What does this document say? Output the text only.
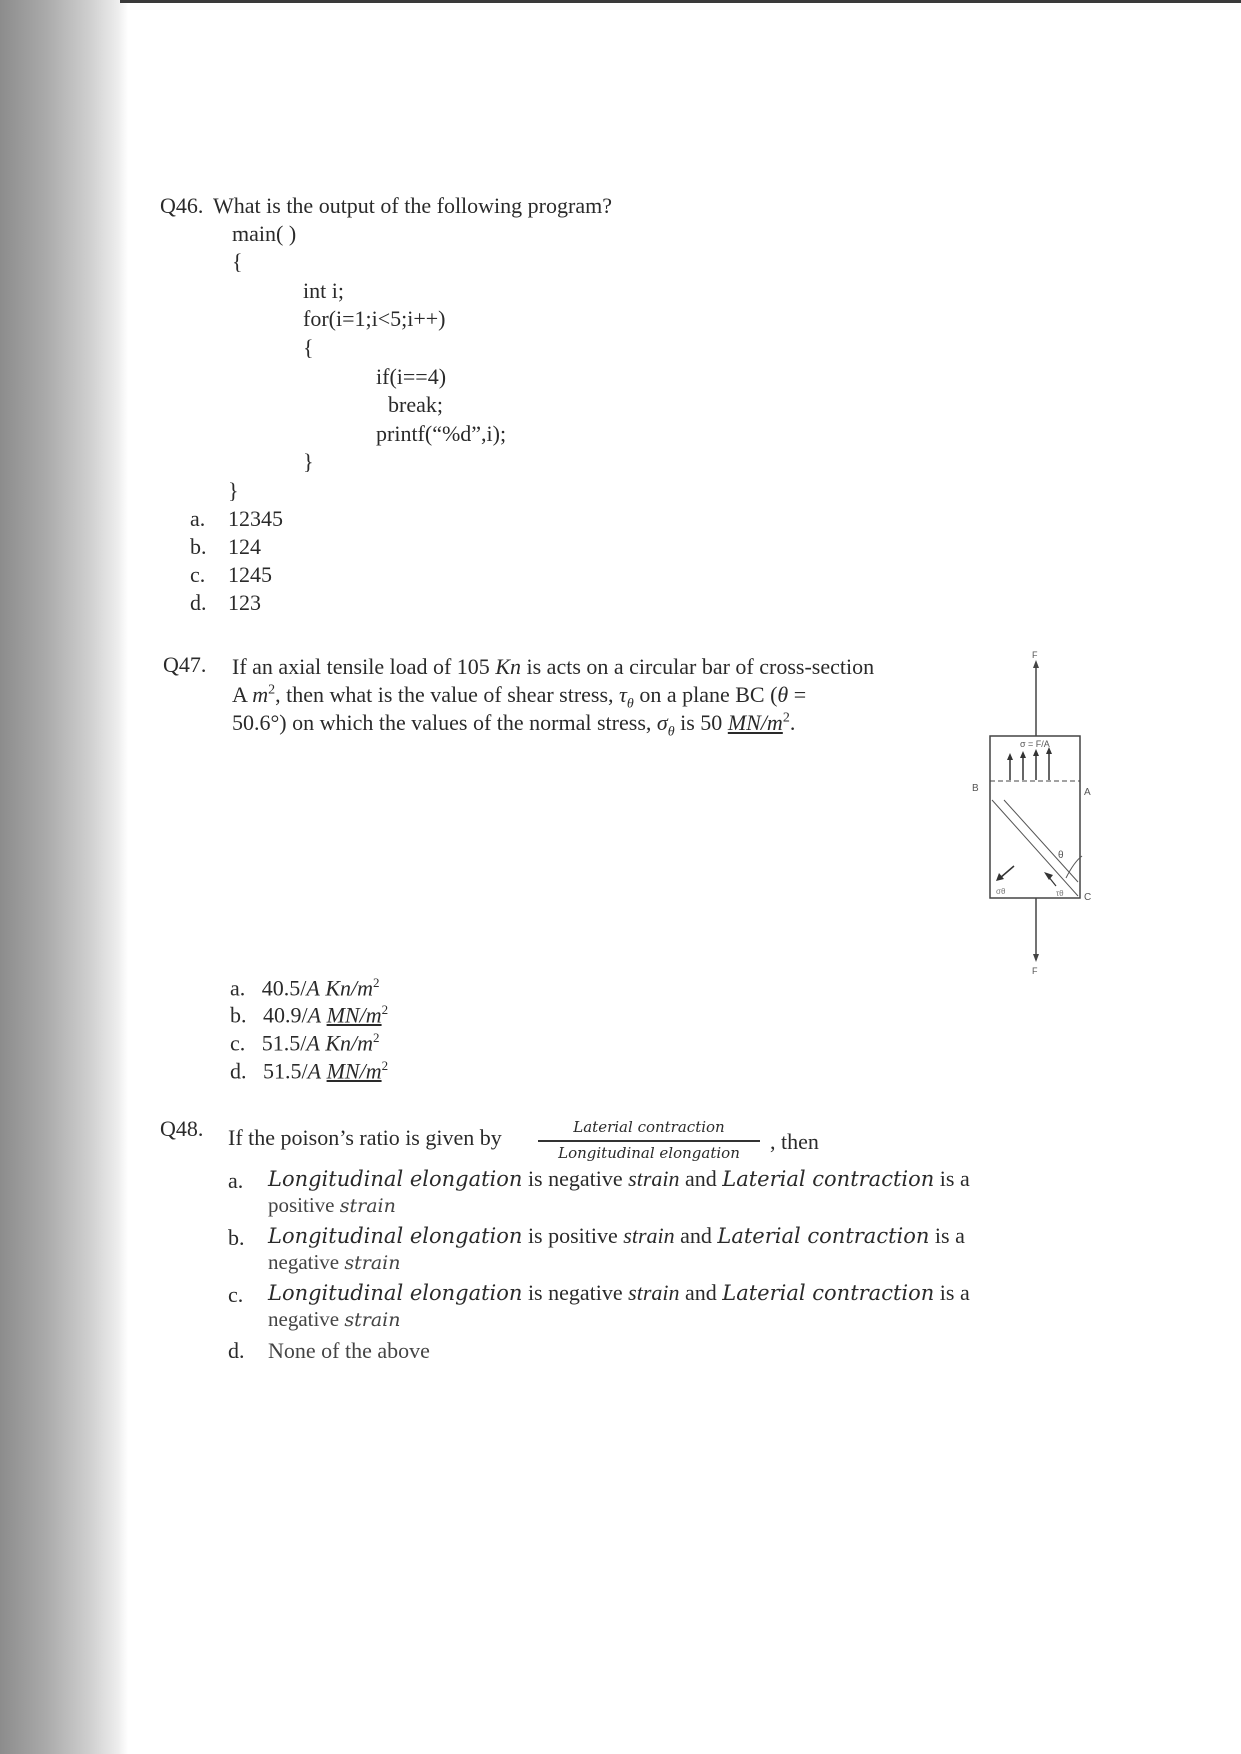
Q46. What is the output of the following program?
main( )
{
int i;
for(i=1;i<5;i++)
{
if(i==4)
break;
printf(“%d”,i);
}
}
a. 12345
b. 124
c. 1245
d. 123
Q47. If an axial tensile load of 105 Kn is acts on a circular bar of cross-section
A $m^2$, then what is the value of shear stress, $\tau_\theta$ on a plane BC (θ =
50.6°) on which the values of the normal stress, $\sigma_\theta$ is 50 $MN/m^2$.
F
σ = F/A
B	A
θ
σθ	τθ C
F
a. 40.5/A $Kn/m^2$
b. 40.9/A $MN/m^2$
c. 51.5/A $Kn/m^2$
d. 51.5/A $MN/m^2$
Q48. If the poison’s ratio is given by	Laterial contraction
Longitudinal elongation	, then
a. Longitudinal elongation is negative strain and Laterial contraction is a
positive strain
b. Longitudinal elongation is positive strain and Laterial contraction is a
negative strain
c. Longitudinal elongation is negative strain and Laterial contraction is a
negative strain
d. None of the above
